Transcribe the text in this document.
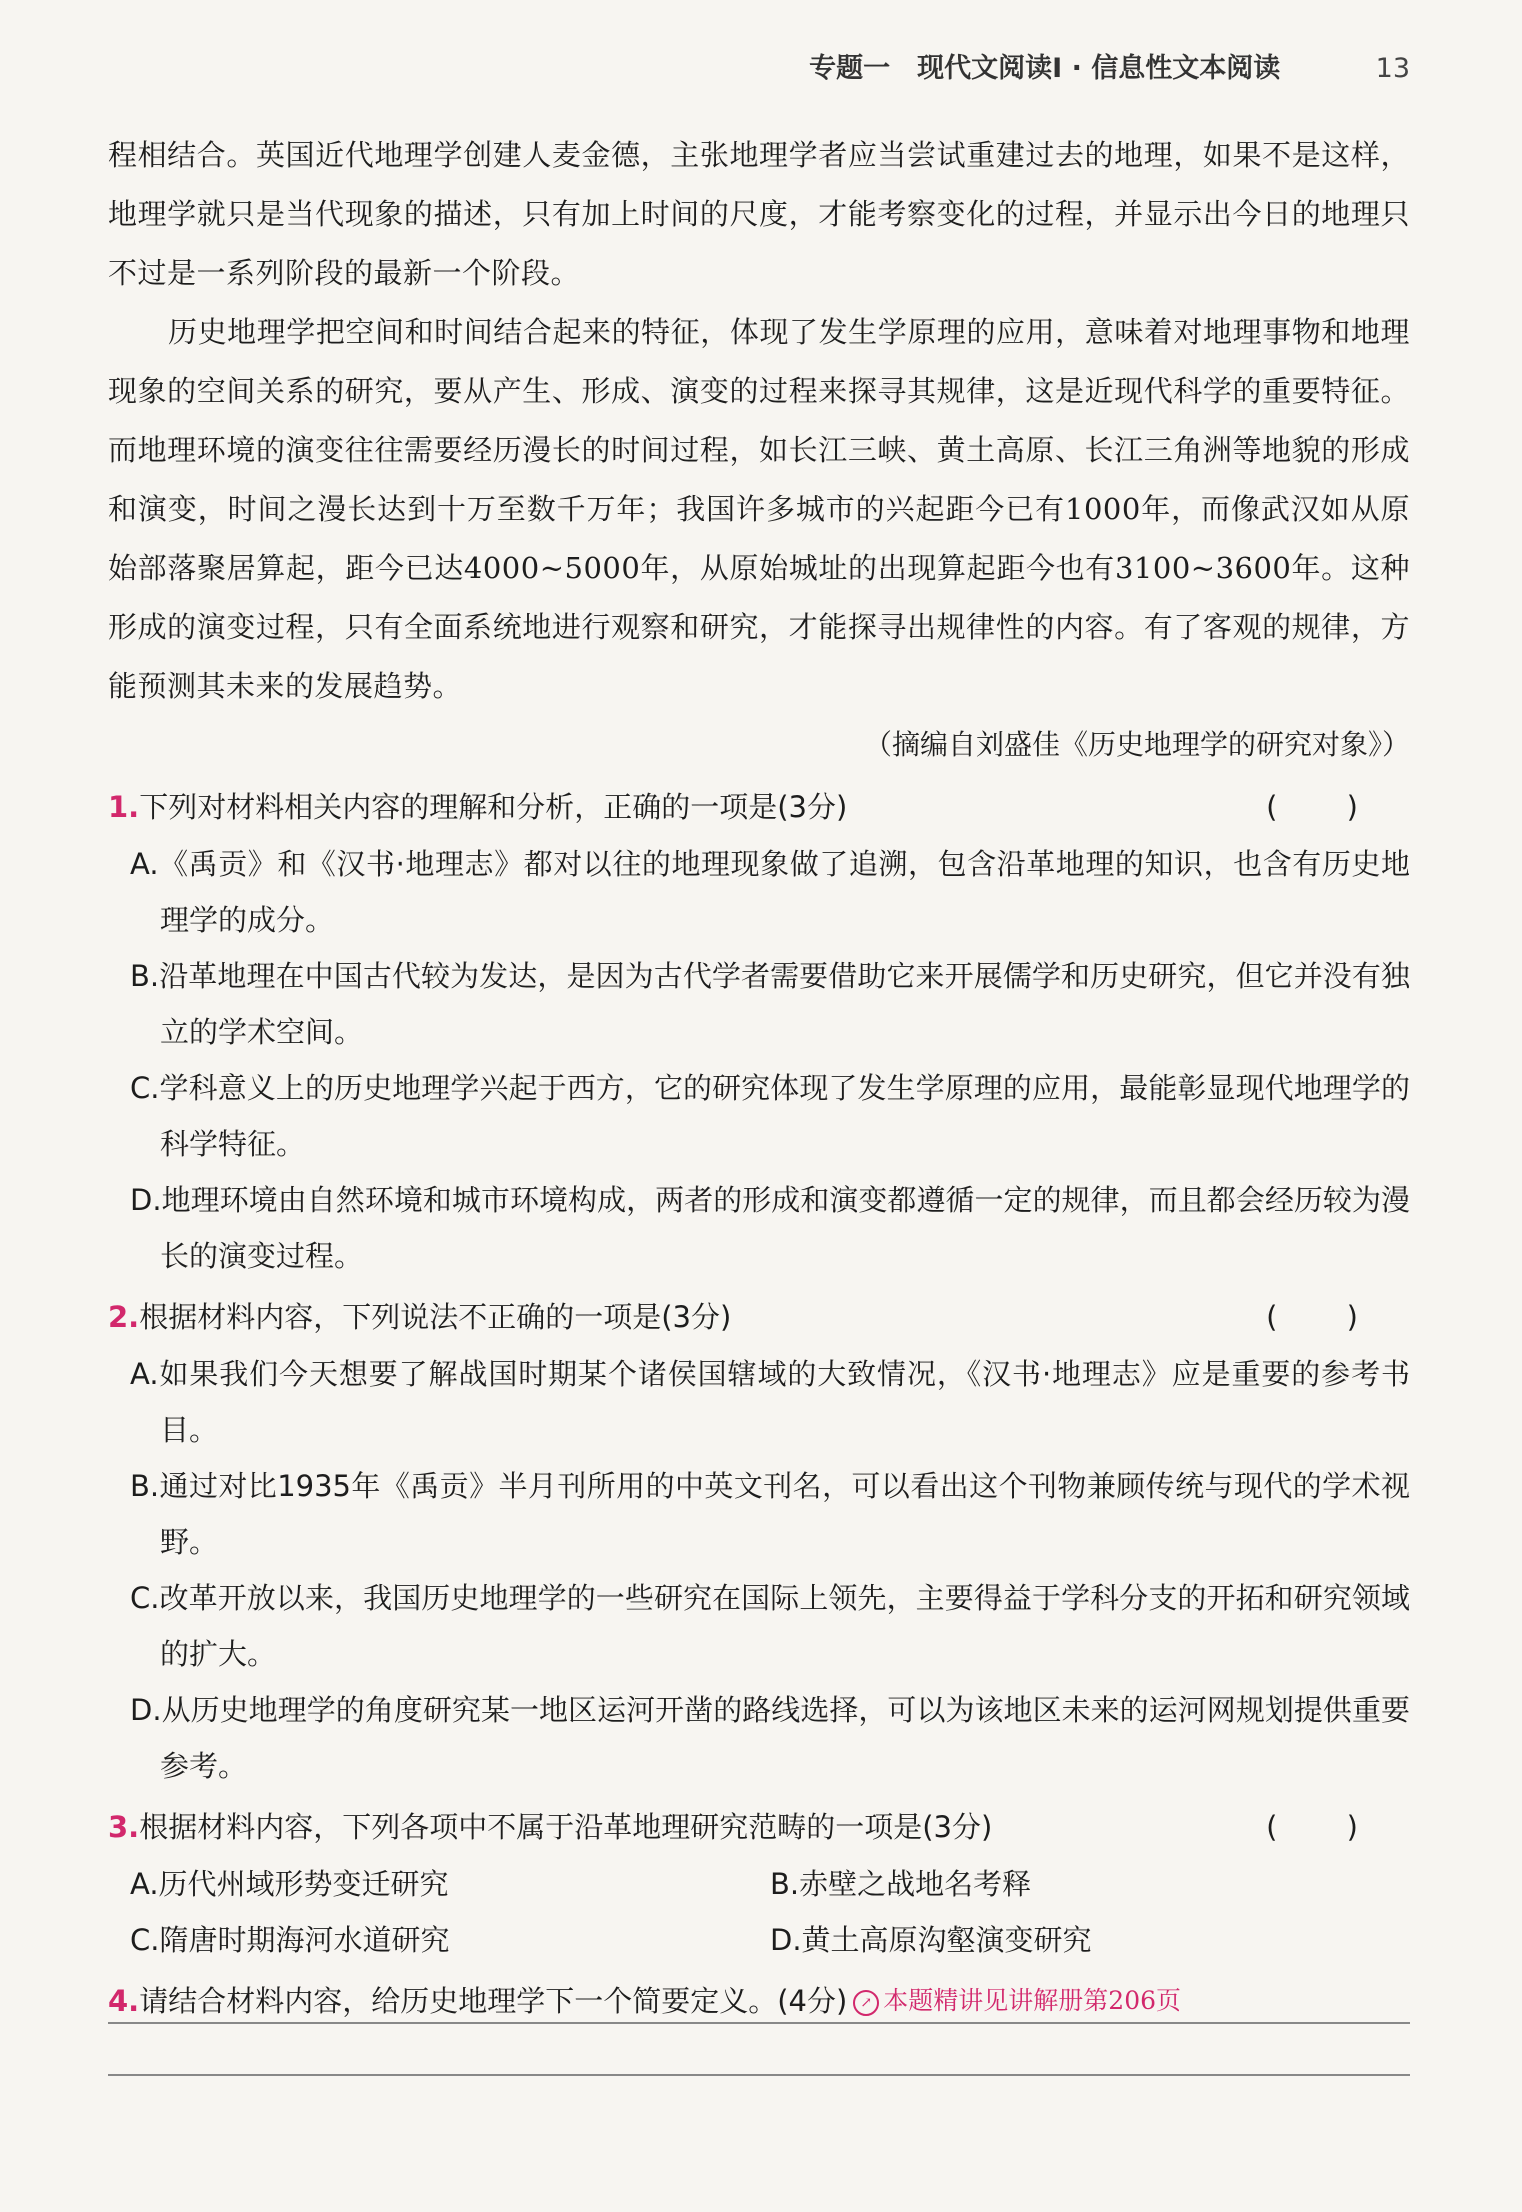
专题一　现代文阅读Ⅰ · 信息性文本阅读	13

程相结合。英国近代地理学创建人麦金德，主张地理学者应当尝试重建过去的地理，如果不是这样，地理学就只是当代现象的描述，只有加上时间的尺度，才能考察变化的过程，并显示出今日的地理只不过是一系列阶段的最新一个阶段。

历史地理学把空间和时间结合起来的特征，体现了发生学原理的应用，意味着对地理事物和地理现象的空间关系的研究，要从产生、形成、演变的过程来探寻其规律，这是近现代科学的重要特征。而地理环境的演变往往需要经历漫长的时间过程，如长江三峡、黄土高原、长江三角洲等地貌的形成和演变，时间之漫长达到十万至数千万年；我国许多城市的兴起距今已有1000年，而像武汉如从原始部落聚居算起，距今已达4000~5000年，从原始城址的出现算起距今也有3100~3600年。这种形成的演变过程，只有全面系统地进行观察和研究，才能探寻出规律性的内容。有了客观的规律，方能预测其未来的发展趋势。

（摘编自刘盛佳《历史地理学的研究对象》）

1.下列对材料相关内容的理解和分析，正确的一项是(3分)	( )

A.《禹贡》和《汉书·地理志》都对以往的地理现象做了追溯，包含沿革地理的知识，也含有历史地理学的成分。

B.沿革地理在中国古代较为发达，是因为古代学者需要借助它来开展儒学和历史研究，但它并没有独立的学术空间。

C.学科意义上的历史地理学兴起于西方，它的研究体现了发生学原理的应用，最能彰显现代地理学的科学特征。

D.地理环境由自然环境和城市环境构成，两者的形成和演变都遵循一定的规律，而且都会经历较为漫长的演变过程。

2.根据材料内容，下列说法不正确的一项是(3分)	( )

A.如果我们今天想要了解战国时期某个诸侯国辖域的大致情况，《汉书·地理志》应是重要的参考书目。

B.通过对比1935年《禹贡》半月刊所用的中英文刊名，可以看出这个刊物兼顾传统与现代的学术视野。

C.改革开放以来，我国历史地理学的一些研究在国际上领先，主要得益于学科分支的开拓和研究领域的扩大。

D.从历史地理学的角度研究某一地区运河开凿的路线选择，可以为该地区未来的运河网规划提供重要参考。

3.根据材料内容，下列各项中不属于沿革地理研究范畴的一项是(3分)	( )
A.历代州域形势变迁研究	B.赤壁之战地名考释
C.隋唐时期海河水道研究	D.黄土高原沟壑演变研究
4.请结合材料内容，给历史地理学下一个简要定义。(4分) ↗ 本题精讲见讲解册第206页
